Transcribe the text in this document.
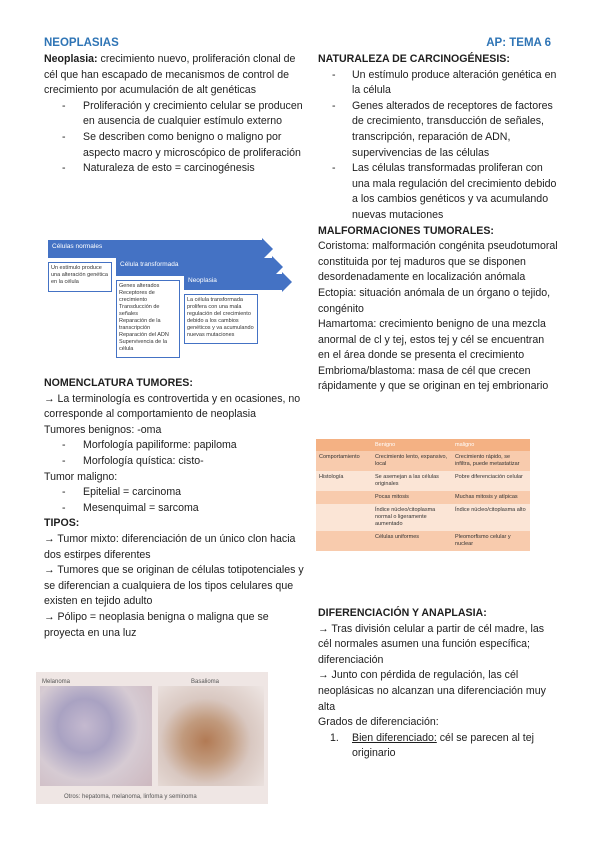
NEOPLASIAS	AP: TEMA 6
Neoplasia: crecimiento nuevo, proliferación clonal de cél que han escapado de mecanismos de control de crecimiento por acumulación de alt genéticas
- Proliferación y crecimiento celular se producen en ausencia de cualquier estímulo externo
- Se describen como benigno o maligno por aspecto macro y microscópico de proliferación
- Naturaleza de esto = carcinogénesis
Células normales
Célula transformada
Neoplasia
Un estímulo produce una alteración genética en la célula
Genes alterados
Receptores de crecimiento
Transducción de señales
Reparación de la transcripción
Reparación del ADN
Supervivencia de la célula
La célula transformada prolifera con una mala regulación del crecimiento debido a los cambios genéticos y va acumulando nuevas mutaciones
NOMENCLATURA TUMORES:
→ La terminología es controvertida y en ocasiones, no corresponde al comportamiento de neoplasia
Tumores benignos: -oma
- Morfología papiliforme: papiloma
- Morfología quística: cisto-
Tumor maligno:
- Epitelial = carcinoma
- Mesenquimal = sarcoma
TIPOS:
→ Tumor mixto: diferenciación de un único clon hacia dos estirpes diferentes
→ Tumores que se originan de células totipotenciales y se diferencian a cualquiera de los tipos celulares que existen en tejido adulto
→ Pólipo = neoplasia benigna o maligna que se proyecta en una luz
Melanoma	Basalioma
Otros: hepatoma, melanoma, linfoma y seminoma
NATURALEZA DE CARCINOGÉNESIS:
- Un estímulo produce alteración genética en la célula
- Genes alterados de receptores de factores de crecimiento, transducción de señales, transcripción, reparación de ADN, supervivencias de las células
- Las células transformadas proliferan con una mala regulación del crecimiento debido a los cambios genéticos y va acumulando nuevas mutaciones
MALFORMACIONES TUMORALES:
Coristoma: malformación congénita pseudotumoral constituida por tej maduros que se disponen desordenadamente en localización anómala
Ectopia: situación anómala de un órgano o tejido, congénito
Hamartoma: crecimiento benigno de una mezcla anormal de cl y tej, estos tej y cél se encuentran en el área donde se presenta el crecimiento
Embrioma/blastoma: masa de cél que crecen rápidamente y que se originan en tej embrionario
	Benigno	maligno
Comportamiento	Crecimiento lento, expansivo, local	Crecimiento rápido, se infiltra, puede metastatizar
Histología	Se asemejan a las células originales	Pobre diferenciación celular
	Pocas mitosis	Muchas mitosis y atípicas
	Índice núcleo/citoplasma normal o ligeramente aumentado	Índice núcleo/citoplasma alto
	Células uniformes	Pleomorfismo celular y nuclear
DIFERENCIACIÓN Y ANAPLASIA:
→ Tras división celular a partir de cél madre, las cél normales asumen una función específica; diferenciación
→ Junto con pérdida de regulación, las cél neoplásicas no alcanzan una diferenciación muy alta
Grados de diferenciación:
1. Bien diferenciado: cél se parecen al tej originario
